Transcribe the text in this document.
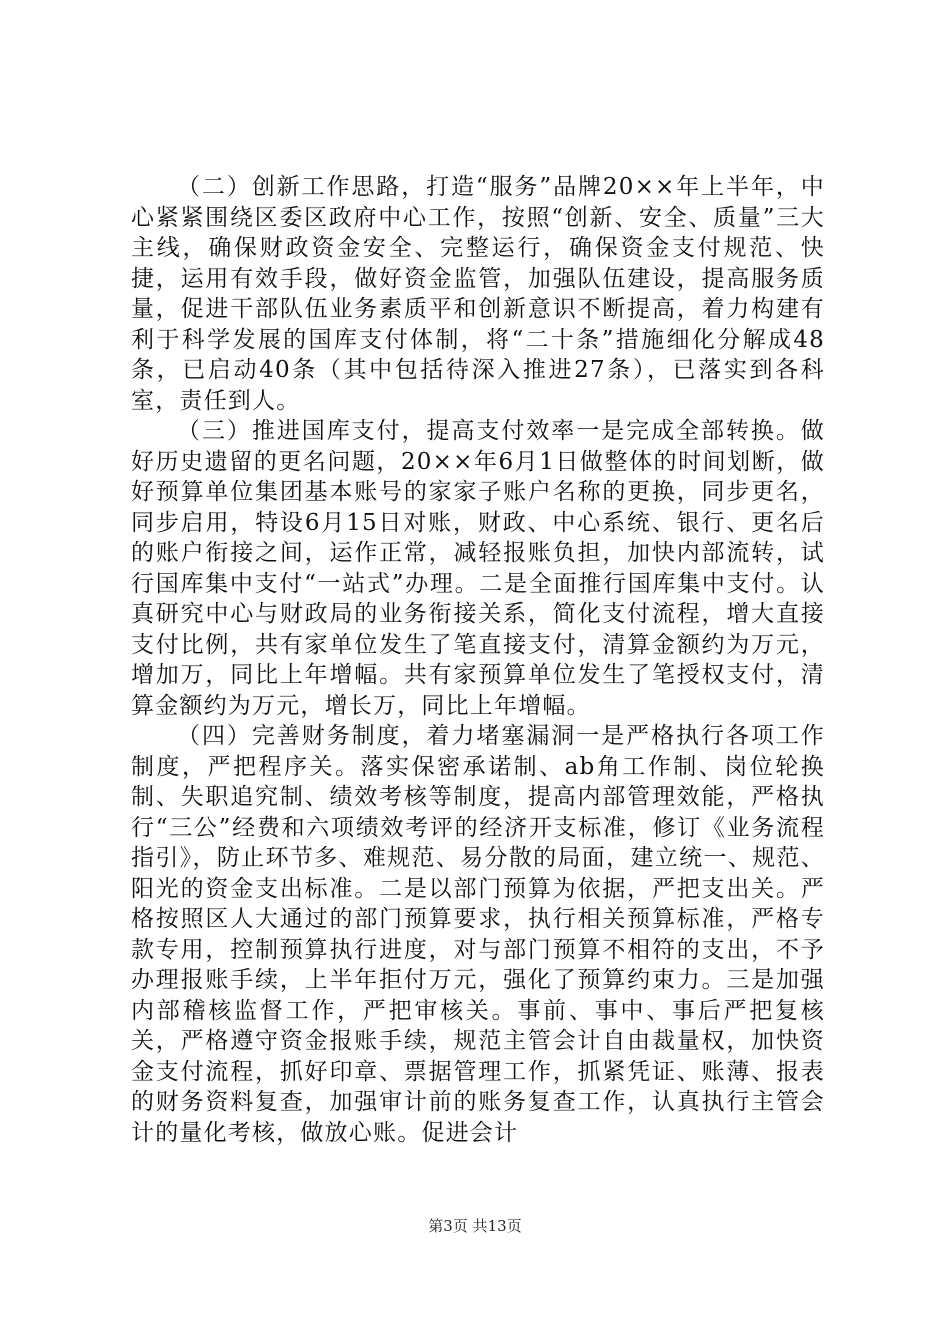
（二）创新工作思路，打造“服务”品牌20××年上半年，中心紧紧围绕区委区政府中心工作，按照“创新、安全、质量”三大主线，确保财政资金安全、完整运行，确保资金支付规范、快捷，运用有效手段，做好资金监管，加强队伍建设，提高服务质量，促进干部队伍业务素质平和创新意识不断提高，着力构建有利于科学发展的国库支付体制，将“二十条”措施细化分解成48条，已启动40条（其中包括待深入推进27条），已落实到各科室，责任到人。

（三）推进国库支付，提高支付效率一是完成全部转换。做好历史遗留的更名问题，20××年6月1日做整体的时间划断，做好预算单位集团基本账号的家家子账户名称的更换，同步更名，同步启用，特设6月15日对账，财政、中心系统、银行、更名后的账户衔接之间，运作正常，减轻报账负担，加快内部流转，试行国库集中支付“一站式”办理。二是全面推行国库集中支付。认真研究中心与财政局的业务衔接关系，简化支付流程，增大直接支付比例，共有家单位发生了笔直接支付，清算金额约为万元，增加万，同比上年增幅。共有家预算单位发生了笔授权支付，清算金额约为万元，增长万，同比上年增幅。

（四）完善财务制度，着力堵塞漏洞一是严格执行各项工作制度，严把程序关。落实保密承诺制、ab角工作制、岗位轮换制、失职追究制、绩效考核等制度，提高内部管理效能，严格执行“三公”经费和六项绩效考评的经济开支标准，修订《业务流程指引》，防止环节多、难规范、易分散的局面，建立统一、规范、阳光的资金支出标准。二是以部门预算为依据，严把支出关。严格按照区人大通过的部门预算要求，执行相关预算标准，严格专款专用，控制预算执行进度，对与部门预算不相符的支出，不予办理报账手续，上半年拒付万元，强化了预算约束力。三是加强内部稽核监督工作，严把审核关。事前、事中、事后严把复核关，严格遵守资金报账手续，规范主管会计自由裁量权，加快资金支付流程，抓好印章、票据管理工作，抓紧凭证、账薄、报表的财务资料复查，加强审计前的账务复查工作，认真执行主管会计的量化考核，做放心账。促进会计

第3页 共13页
